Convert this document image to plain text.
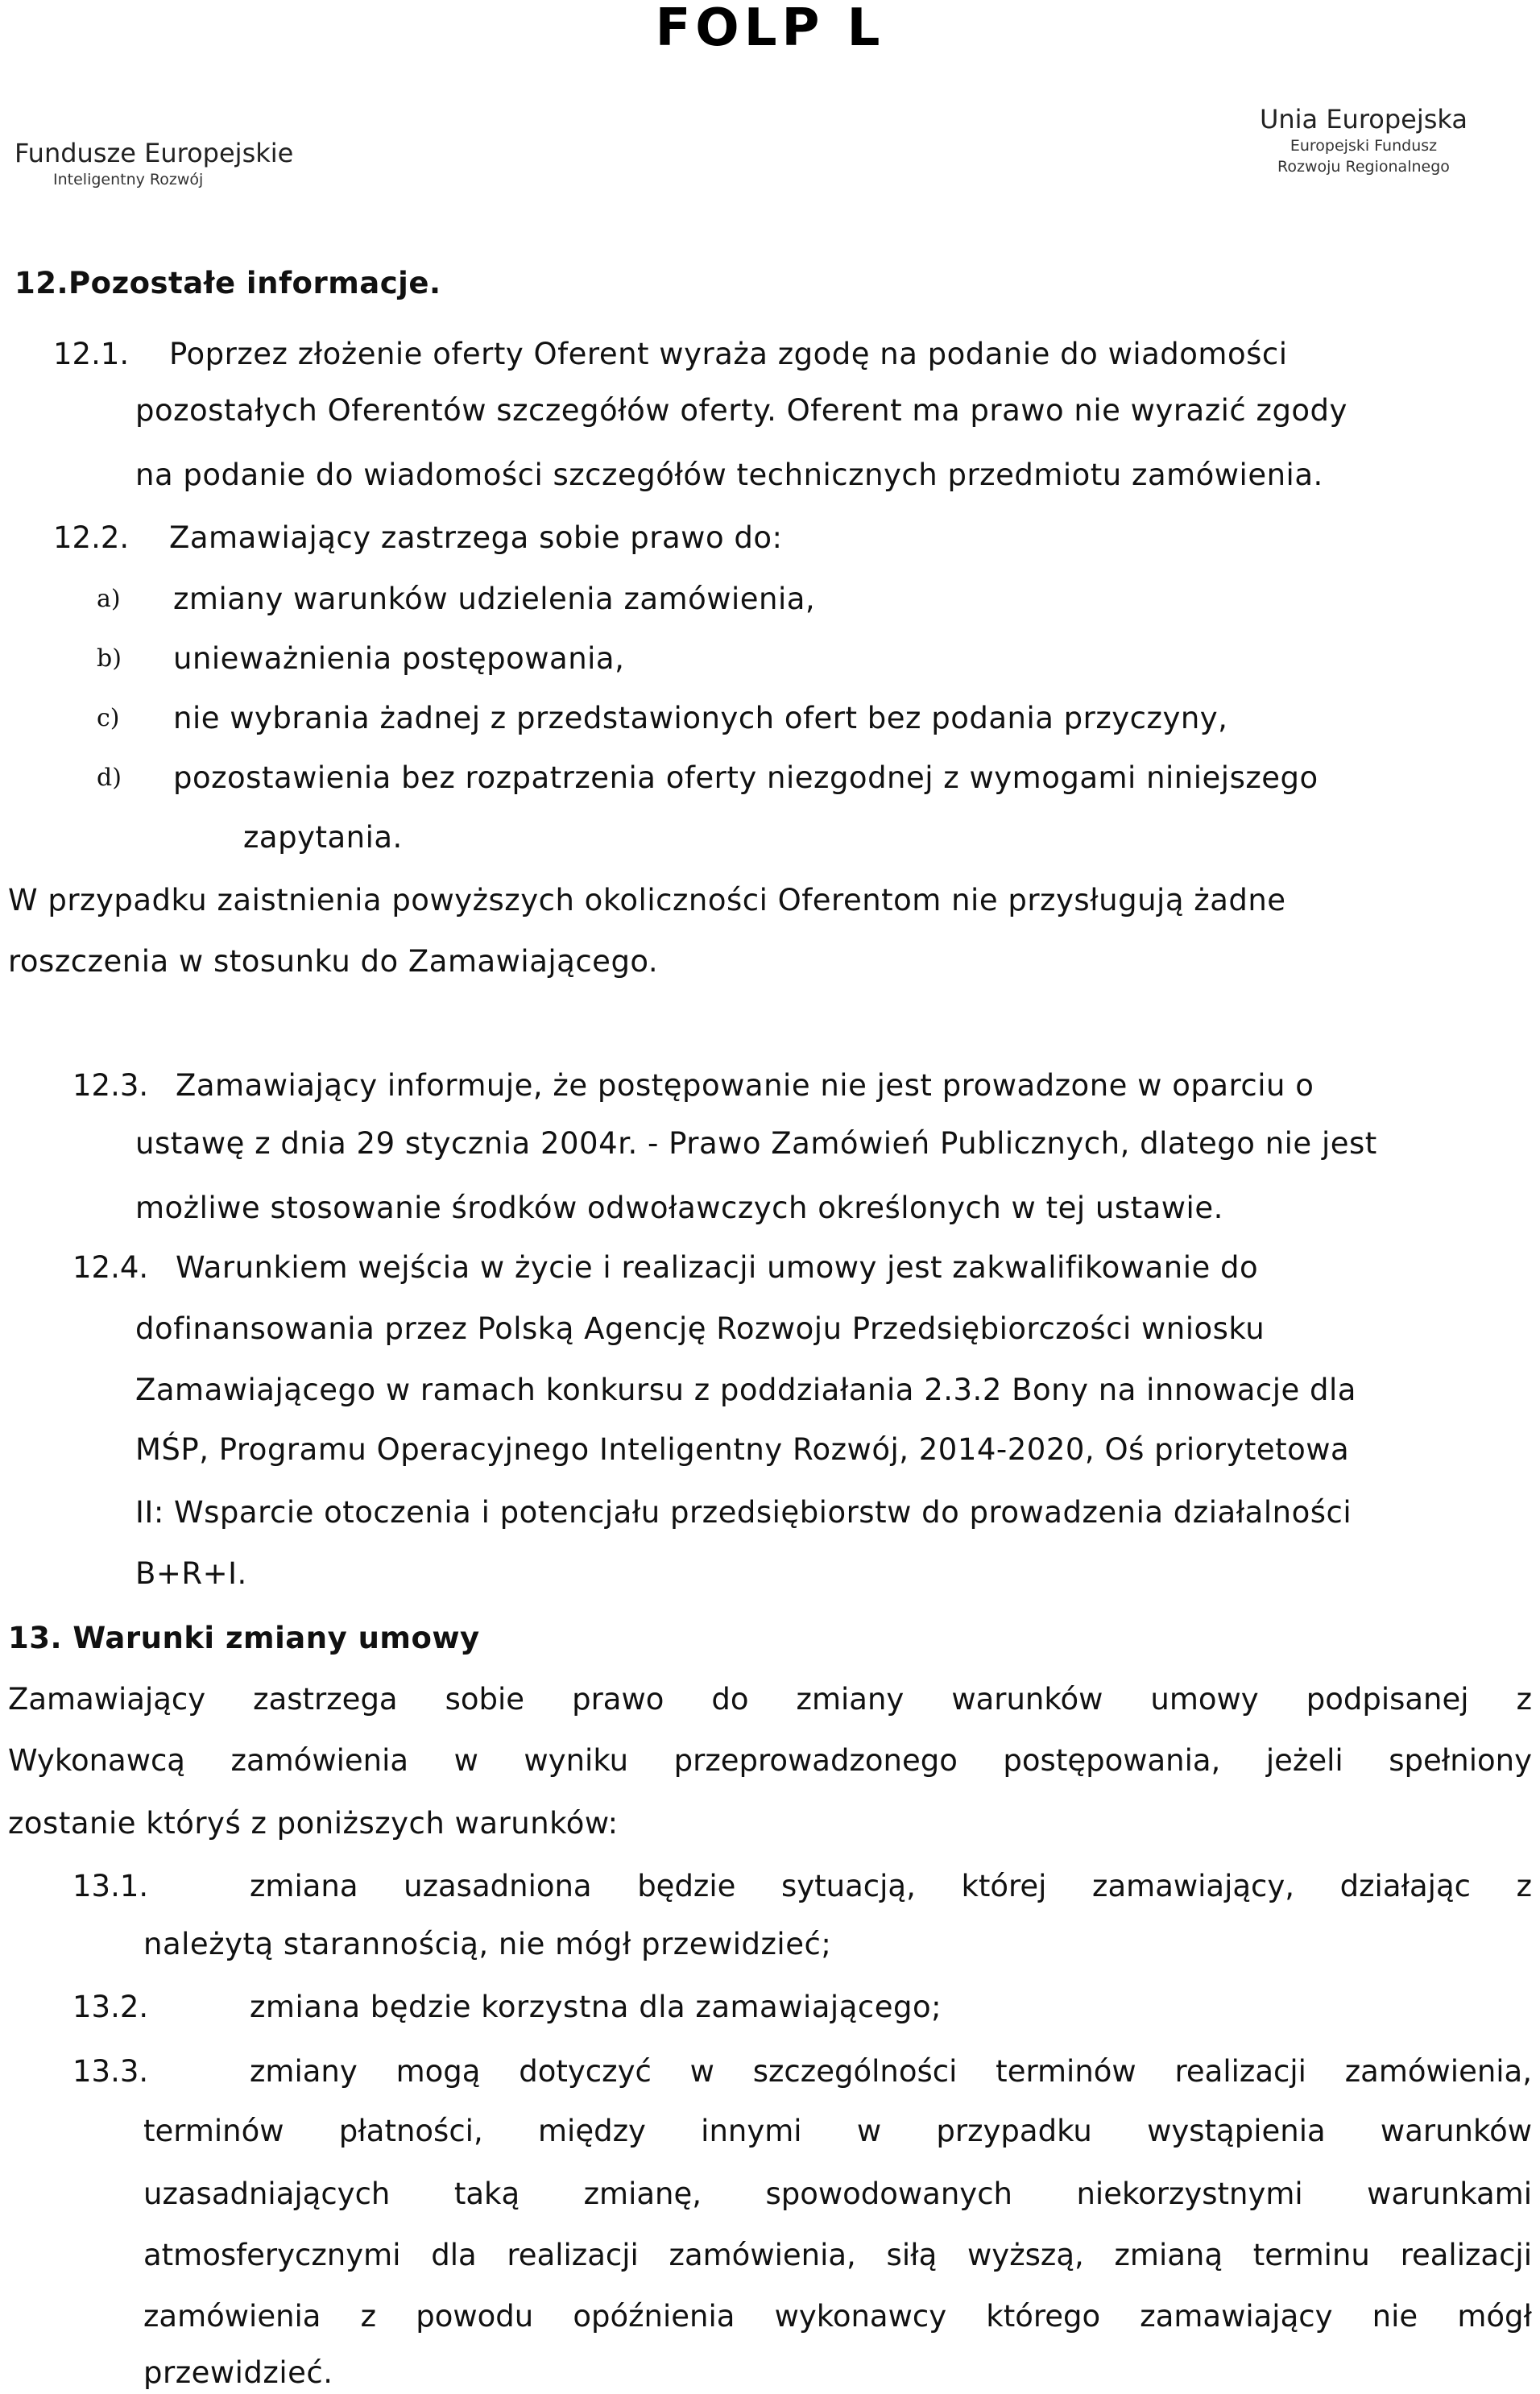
FOLP L
Fundusze Europejskie
Inteligentny Rozwój
Unia Europejska
Europejski Fundusz
Rozwoju Regionalnego
12.Pozostałe informacje.
12.1. Poprzez złożenie oferty Oferent wyraża zgodę na podanie do wiadomości
pozostałych Oferentów szczegółów oferty. Oferent ma prawo nie wyrazić zgody
na podanie do wiadomości szczegółów technicznych przedmiotu zamówienia.
12.2. Zamawiający zastrzega sobie prawo do:
a) zmiany warunków udzielenia zamówienia,
b) unieważnienia postępowania,
c) nie wybrania żadnej z przedstawionych ofert bez podania przyczyny,
d) pozostawienia bez rozpatrzenia oferty niezgodnej z wymogami niniejszego
zapytania.
W przypadku zaistnienia powyższych okoliczności Oferentom nie przysługują żadne
roszczenia w stosunku do Zamawiającego.
12.3. Zamawiający informuje, że postępowanie nie jest prowadzone w oparciu o
ustawę z dnia 29 stycznia 2004r. - Prawo Zamówień Publicznych, dlatego nie jest
możliwe stosowanie środków odwoławczych określonych w tej ustawie.
12.4. Warunkiem wejścia w życie i realizacji umowy jest zakwalifikowanie do
dofinansowania przez Polską Agencję Rozwoju Przedsiębiorczości wniosku
Zamawiającego w ramach konkursu z poddziałania 2.3.2 Bony na innowacje dla
MŚP, Programu Operacyjnego Inteligentny Rozwój, 2014-2020, Oś priorytetowa
II: Wsparcie otoczenia i potencjału przedsiębiorstw do prowadzenia działalności
B+R+I.
13. Warunki zmiany umowy
Zamawiający zastrzega sobie prawo do zmiany warunków umowy podpisanej z
Wykonawcą zamówienia w wyniku przeprowadzonego postępowania, jeżeli spełniony
zostanie któryś z poniższych warunków:
13.1.	zmiana uzasadniona będzie sytuacją, której zamawiający, działając z
należytą starannością, nie mógł przewidzieć;
13.2.	zmiana będzie korzystna dla zamawiającego;
13.3.	zmiany mogą dotyczyć w szczególności terminów realizacji zamówienia,
terminów płatności, między innymi w przypadku wystąpienia warunków
uzasadniających taką zmianę, spowodowanych niekorzystnymi warunkami
atmosferycznymi dla realizacji zamówienia, siłą wyższą, zmianą terminu realizacji
zamówienia z powodu opóźnienia wykonawcy którego zamawiający nie mógł
przewidzieć.
